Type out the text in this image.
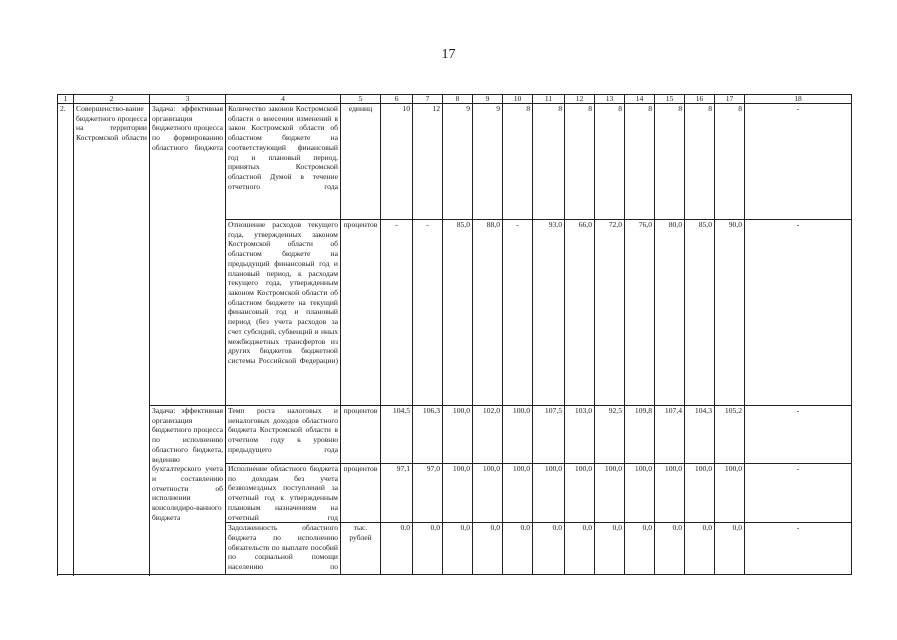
17
1	2	3	4	5	6	7	8	9	10	11	12	13	14	15	16	17	18
2.	Совершенство-вание бюджетного процесса на территории Костромской области	Задача: эффективная организация бюджетного процесса по формированию областного бюджета	Количество законов Костромской области о внесении изменений в закон Костромской области об областном бюджете на соответствующий финансовый год и плановый период, принятых Костромской областной Думой в течение отчетного года	единиц	10	12	9	9	8	8	8	8	8	8	8	8	-
			Отношение расходов текущего года, утвержденных законом Костромской области об областном бюджете на предыдущий финансовый год и плановый период, к расходам текущего года, утвержденным законом Костромской области об областном бюджете на текущий финансовый год и плановый период (без учета расходов за счет субсидий, субвенций и иных межбюджетных трансфертов из других бюджетов бюджетной системы Российской Федерации)	процентов	-	-	85,0	88,0	-	93,0	66,0	72,0	76,0	80,0	85,0	90,0	-
		Задача: эффективная организация бюджетного процесса по исполнению областного бюджета, ведению бухгалтерского учета и составлению отчетности об исполнении консолидиро-ванного бюджета	Темп роста налоговых и неналоговых доходов областного бюджета Костромской области в отчетном году к уровню предыдущего года	процентов	104,5	106,3	100,0	102,0	100,0	107,5	103,0	92,5	109,8	107,4	104,3	105,2	-
			Исполнение областного бюджета по доходам без учета безвозмездных поступлений за отчетный год к утвержденным плановым назначениям на отчетный год	процентов	97,1	97,0	100,0	100,0	100,0	100,0	100,0	100,0	100,0	100,0	100,0	100,0	-
			Задолженность областного бюджета по исполнению обязательств по выплате пособий по социальной помощи населению по	тыс. рублей	0,0	0,0	0,0	0,0	0,0	0,0	0,0	0,0	0,0	0,0	0,0	0,0	-
